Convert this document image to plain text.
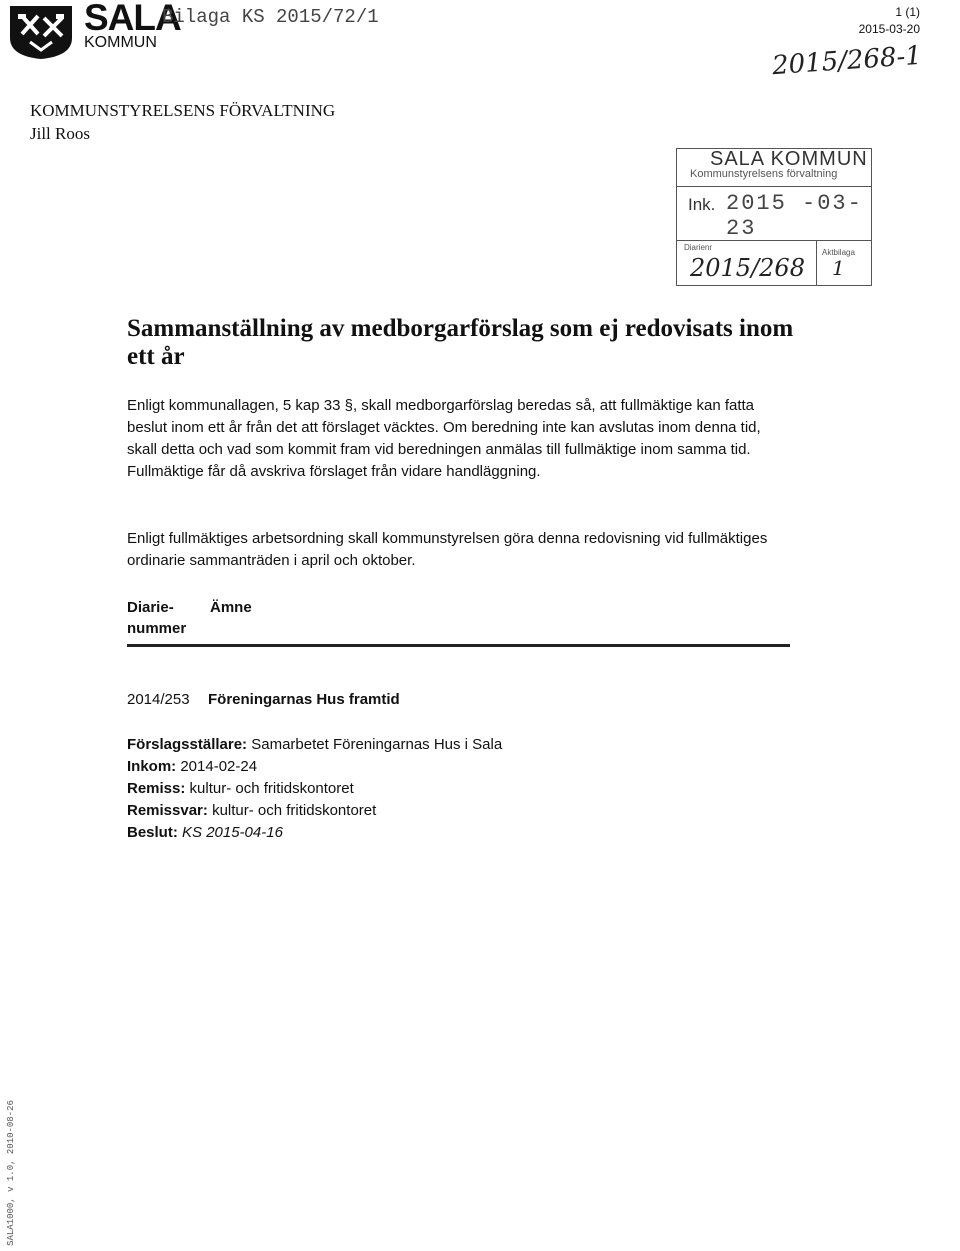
SALA
KOMMUN
Bilaga KS 2015/72/1	1 (1)
2015-03-20
2015/268-1
KOMMUNSTYRELSENS FÖRVALTNING
Jill Roos
SALA KOMMUN
Kommunstyrelsens förvaltning
Ink. 2015 -03- 23
Diarienr
Aktbilaga
2015/268 1
Sammanställning av medborgarförslag som ej redovisats inom ett år
Enligt kommunallagen, 5 kap 33 §, skall medborgarförslag beredas så, att fullmäktige kan fatta beslut inom ett år från det att förslaget väcktes. Om beredning inte kan avslutas inom denna tid, skall detta och vad som kommit fram vid beredningen anmälas till fullmäktige inom samma tid. Fullmäktige får då avskriva förslaget från vidare handläggning.
Enligt fullmäktiges arbetsordning skall kommunstyrelsen göra denna redovisning vid fullmäktiges ordinarie sammanträden i april och oktober.
Diarie-nummer
Ämne
2014/253 Föreningarnas Hus framtid
Förslagsställare: Samarbetet Föreningarnas Hus i Sala
Inkom: 2014-02-24
Remiss: kultur- och fritidskontoret
Remissvar: kultur- och fritidskontoret
Beslut: KS 2015-04-16
SALA1000, v 1.0, 2010-08-26
